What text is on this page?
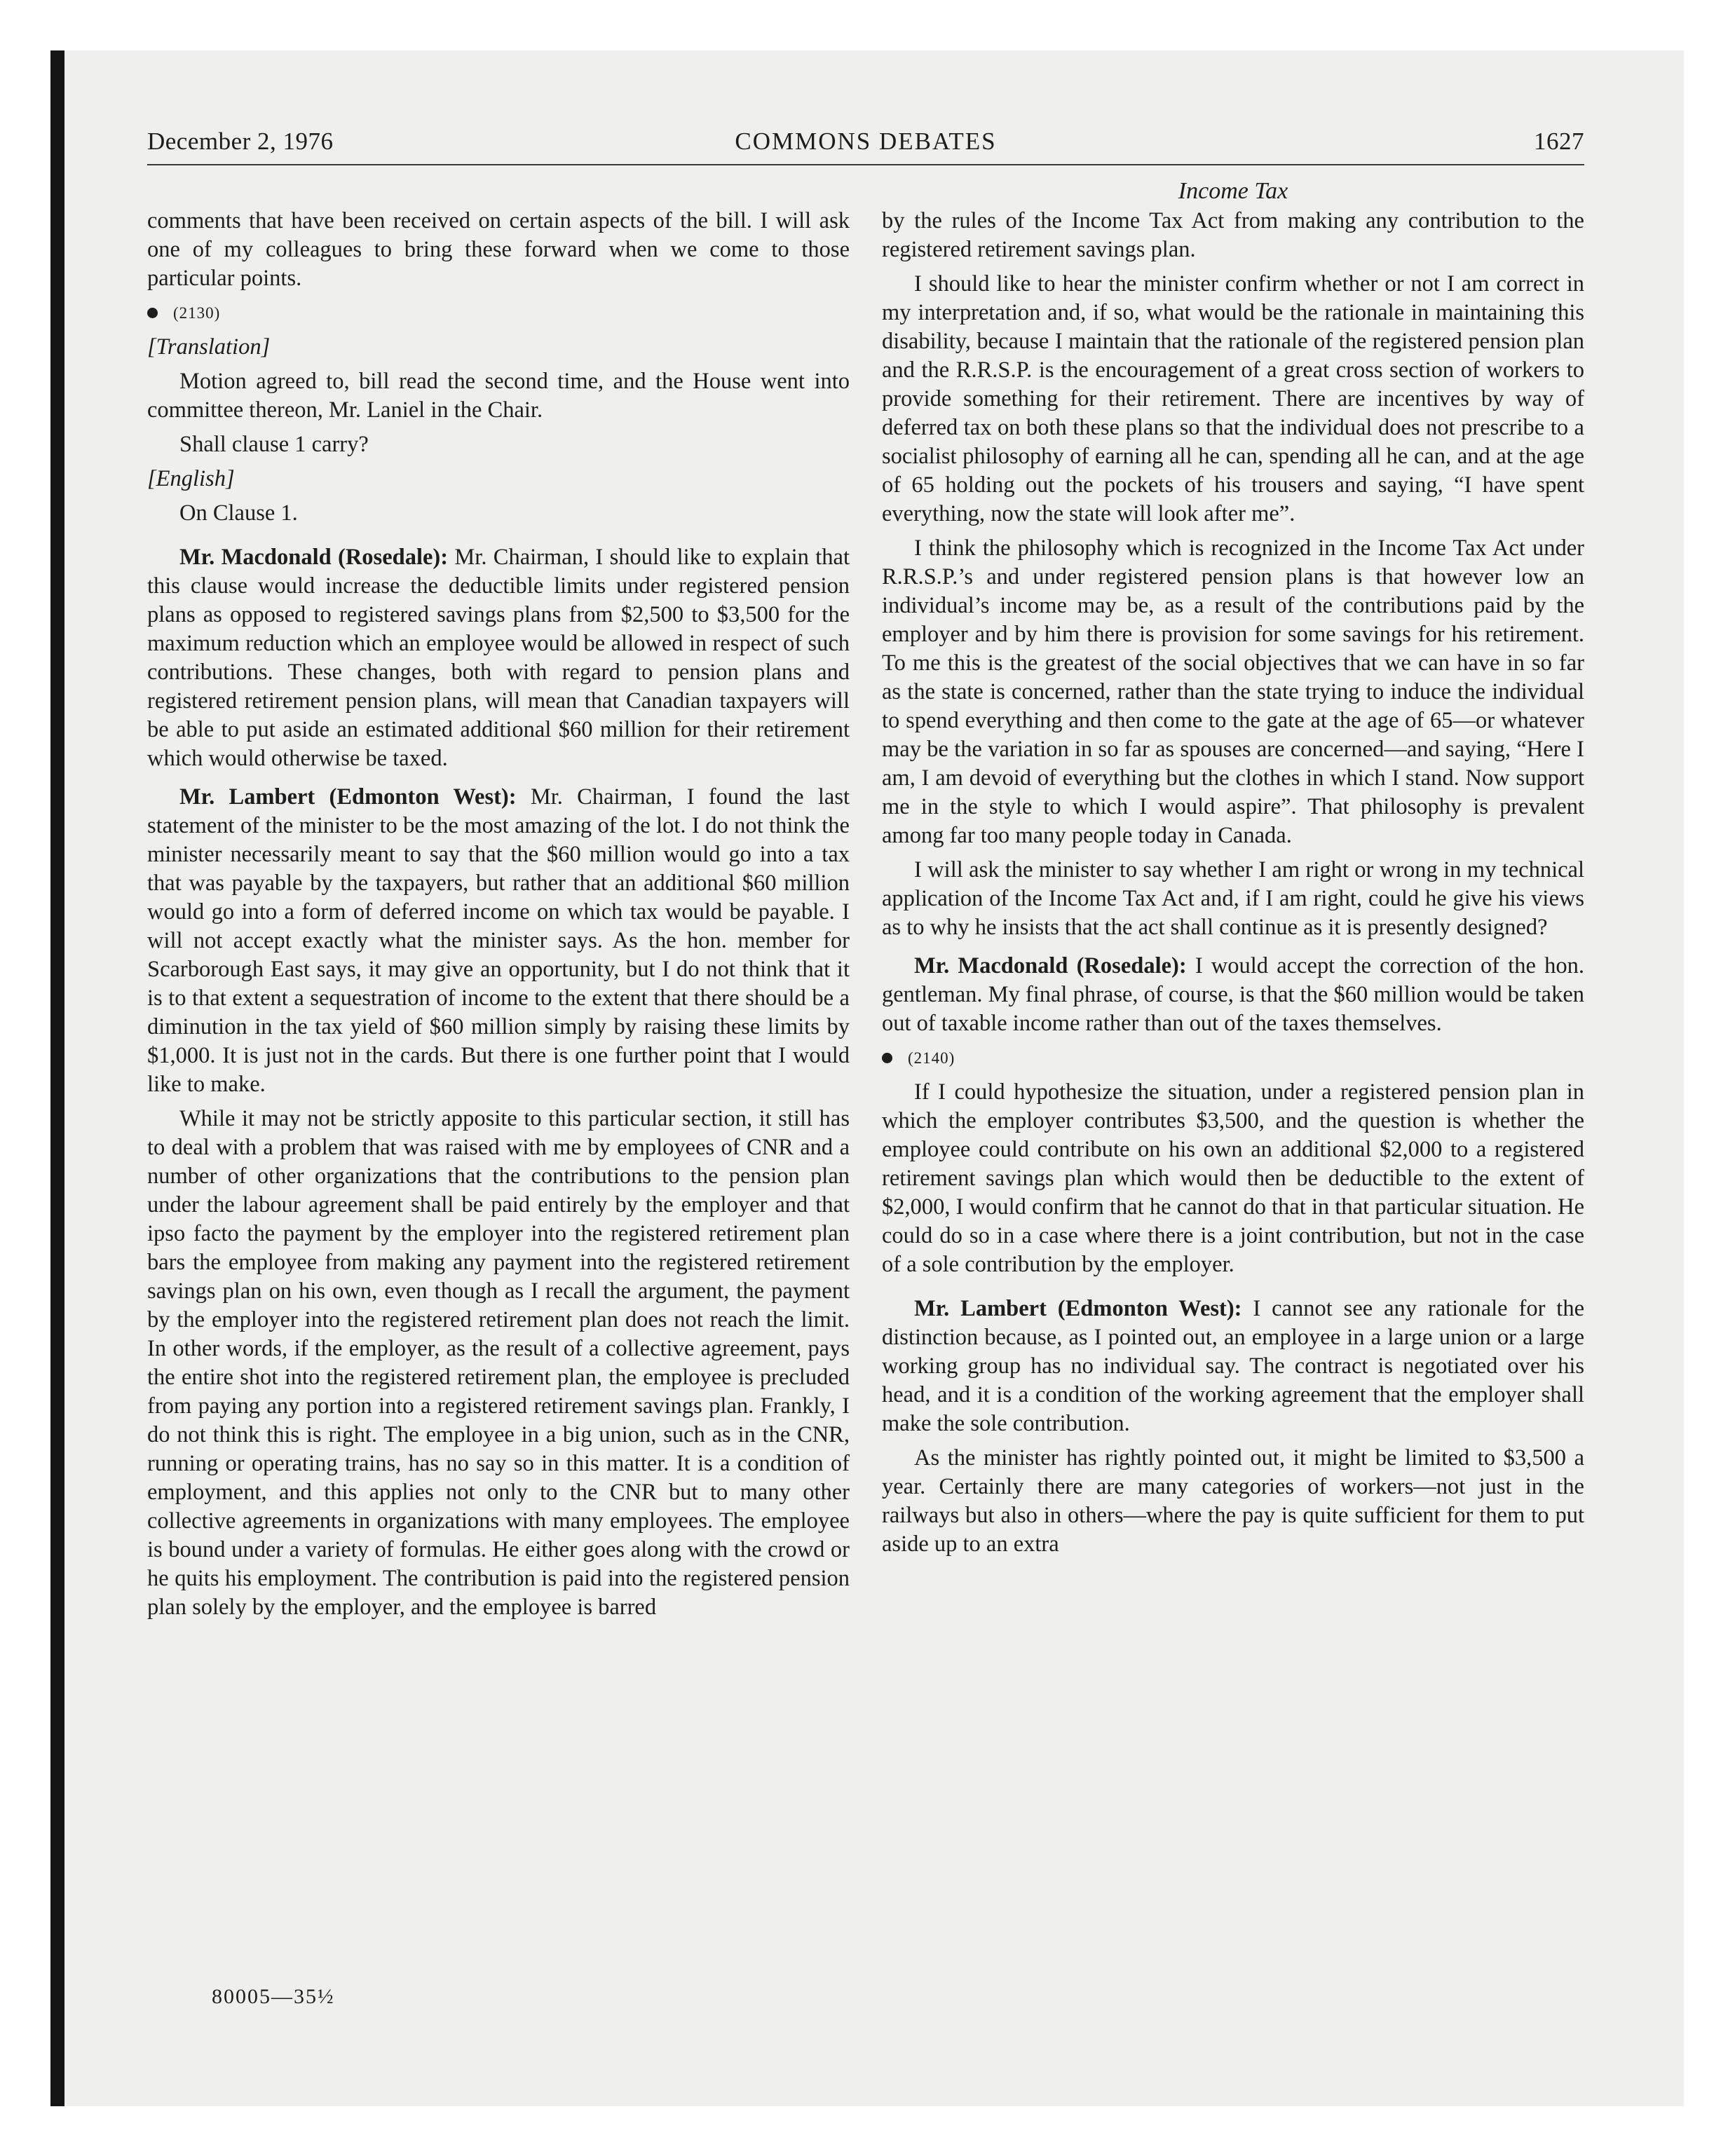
December 2, 1976	COMMONS DEBATES	1627
Income Tax

comments that have been received on certain aspects of the bill. I will ask one of my colleagues to bring these forward when we come to those particular points.

(2130)

[Translation]

Motion agreed to, bill read the second time, and the House went into committee thereon, Mr. Laniel in the Chair.

Shall clause 1 carry?

[English]

On Clause 1.

Mr. Macdonald (Rosedale): Mr. Chairman, I should like to explain that this clause would increase the deductible limits under registered pension plans as opposed to registered savings plans from $2,500 to $3,500 for the maximum reduction which an employee would be allowed in respect of such contributions. These changes, both with regard to pension plans and registered retirement pension plans, will mean that Canadian taxpayers will be able to put aside an estimated additional $60 million for their retirement which would otherwise be taxed.

Mr. Lambert (Edmonton West): Mr. Chairman, I found the last statement of the minister to be the most amazing of the lot. I do not think the minister necessarily meant to say that the $60 million would go into a tax that was payable by the taxpayers, but rather that an additional $60 million would go into a form of deferred income on which tax would be payable. I will not accept exactly what the minister says. As the hon. member for Scarborough East says, it may give an opportunity, but I do not think that it is to that extent a sequestration of income to the extent that there should be a diminution in the tax yield of $60 million simply by raising these limits by $1,000. It is just not in the cards. But there is one further point that I would like to make.

While it may not be strictly apposite to this particular section, it still has to deal with a problem that was raised with me by employees of CNR and a number of other organizations that the contributions to the pension plan under the labour agreement shall be paid entirely by the employer and that ipso facto the payment by the employer into the registered retirement plan bars the employee from making any payment into the registered retirement savings plan on his own, even though as I recall the argument, the payment by the employer into the registered retirement plan does not reach the limit. In other words, if the employer, as the result of a collective agreement, pays the entire shot into the registered retirement plan, the employee is precluded from paying any portion into a registered retirement savings plan. Frankly, I do not think this is right. The employee in a big union, such as in the CNR, running or operating trains, has no say so in this matter. It is a condition of employment, and this applies not only to the CNR but to many other collective agreements in organizations with many employees. The employee is bound under a variety of formulas. He either goes along with the crowd or he quits his employment. The contribution is paid into the registered pension plan solely by the employer, and the employee is barred

by the rules of the Income Tax Act from making any contribution to the registered retirement savings plan.

I should like to hear the minister confirm whether or not I am correct in my interpretation and, if so, what would be the rationale in maintaining this disability, because I maintain that the rationale of the registered pension plan and the R.R.S.P. is the encouragement of a great cross section of workers to provide something for their retirement. There are incentives by way of deferred tax on both these plans so that the individual does not prescribe to a socialist philosophy of earning all he can, spending all he can, and at the age of 65 holding out the pockets of his trousers and saying, “I have spent everything, now the state will look after me”.

I think the philosophy which is recognized in the Income Tax Act under R.R.S.P.’s and under registered pension plans is that however low an individual’s income may be, as a result of the contributions paid by the employer and by him there is provision for some savings for his retirement. To me this is the greatest of the social objectives that we can have in so far as the state is concerned, rather than the state trying to induce the individual to spend everything and then come to the gate at the age of 65—or whatever may be the variation in so far as spouses are concerned—and saying, “Here I am, I am devoid of everything but the clothes in which I stand. Now support me in the style to which I would aspire”. That philosophy is prevalent among far too many people today in Canada.

I will ask the minister to say whether I am right or wrong in my technical application of the Income Tax Act and, if I am right, could he give his views as to why he insists that the act shall continue as it is presently designed?

Mr. Macdonald (Rosedale): I would accept the correction of the hon. gentleman. My final phrase, of course, is that the $60 million would be taken out of taxable income rather than out of the taxes themselves.

(2140)

If I could hypothesize the situation, under a registered pension plan in which the employer contributes $3,500, and the question is whether the employee could contribute on his own an additional $2,000 to a registered retirement savings plan which would then be deductible to the extent of $2,000, I would confirm that he cannot do that in that particular situation. He could do so in a case where there is a joint contribution, but not in the case of a sole contribution by the employer.

Mr. Lambert (Edmonton West): I cannot see any rationale for the distinction because, as I pointed out, an employee in a large union or a large working group has no individual say. The contract is negotiated over his head, and it is a condition of the working agreement that the employer shall make the sole contribution.

As the minister has rightly pointed out, it might be limited to $3,500 a year. Certainly there are many categories of workers—not just in the railways but also in others—where the pay is quite sufficient for them to put aside up to an extra

80005—35½
